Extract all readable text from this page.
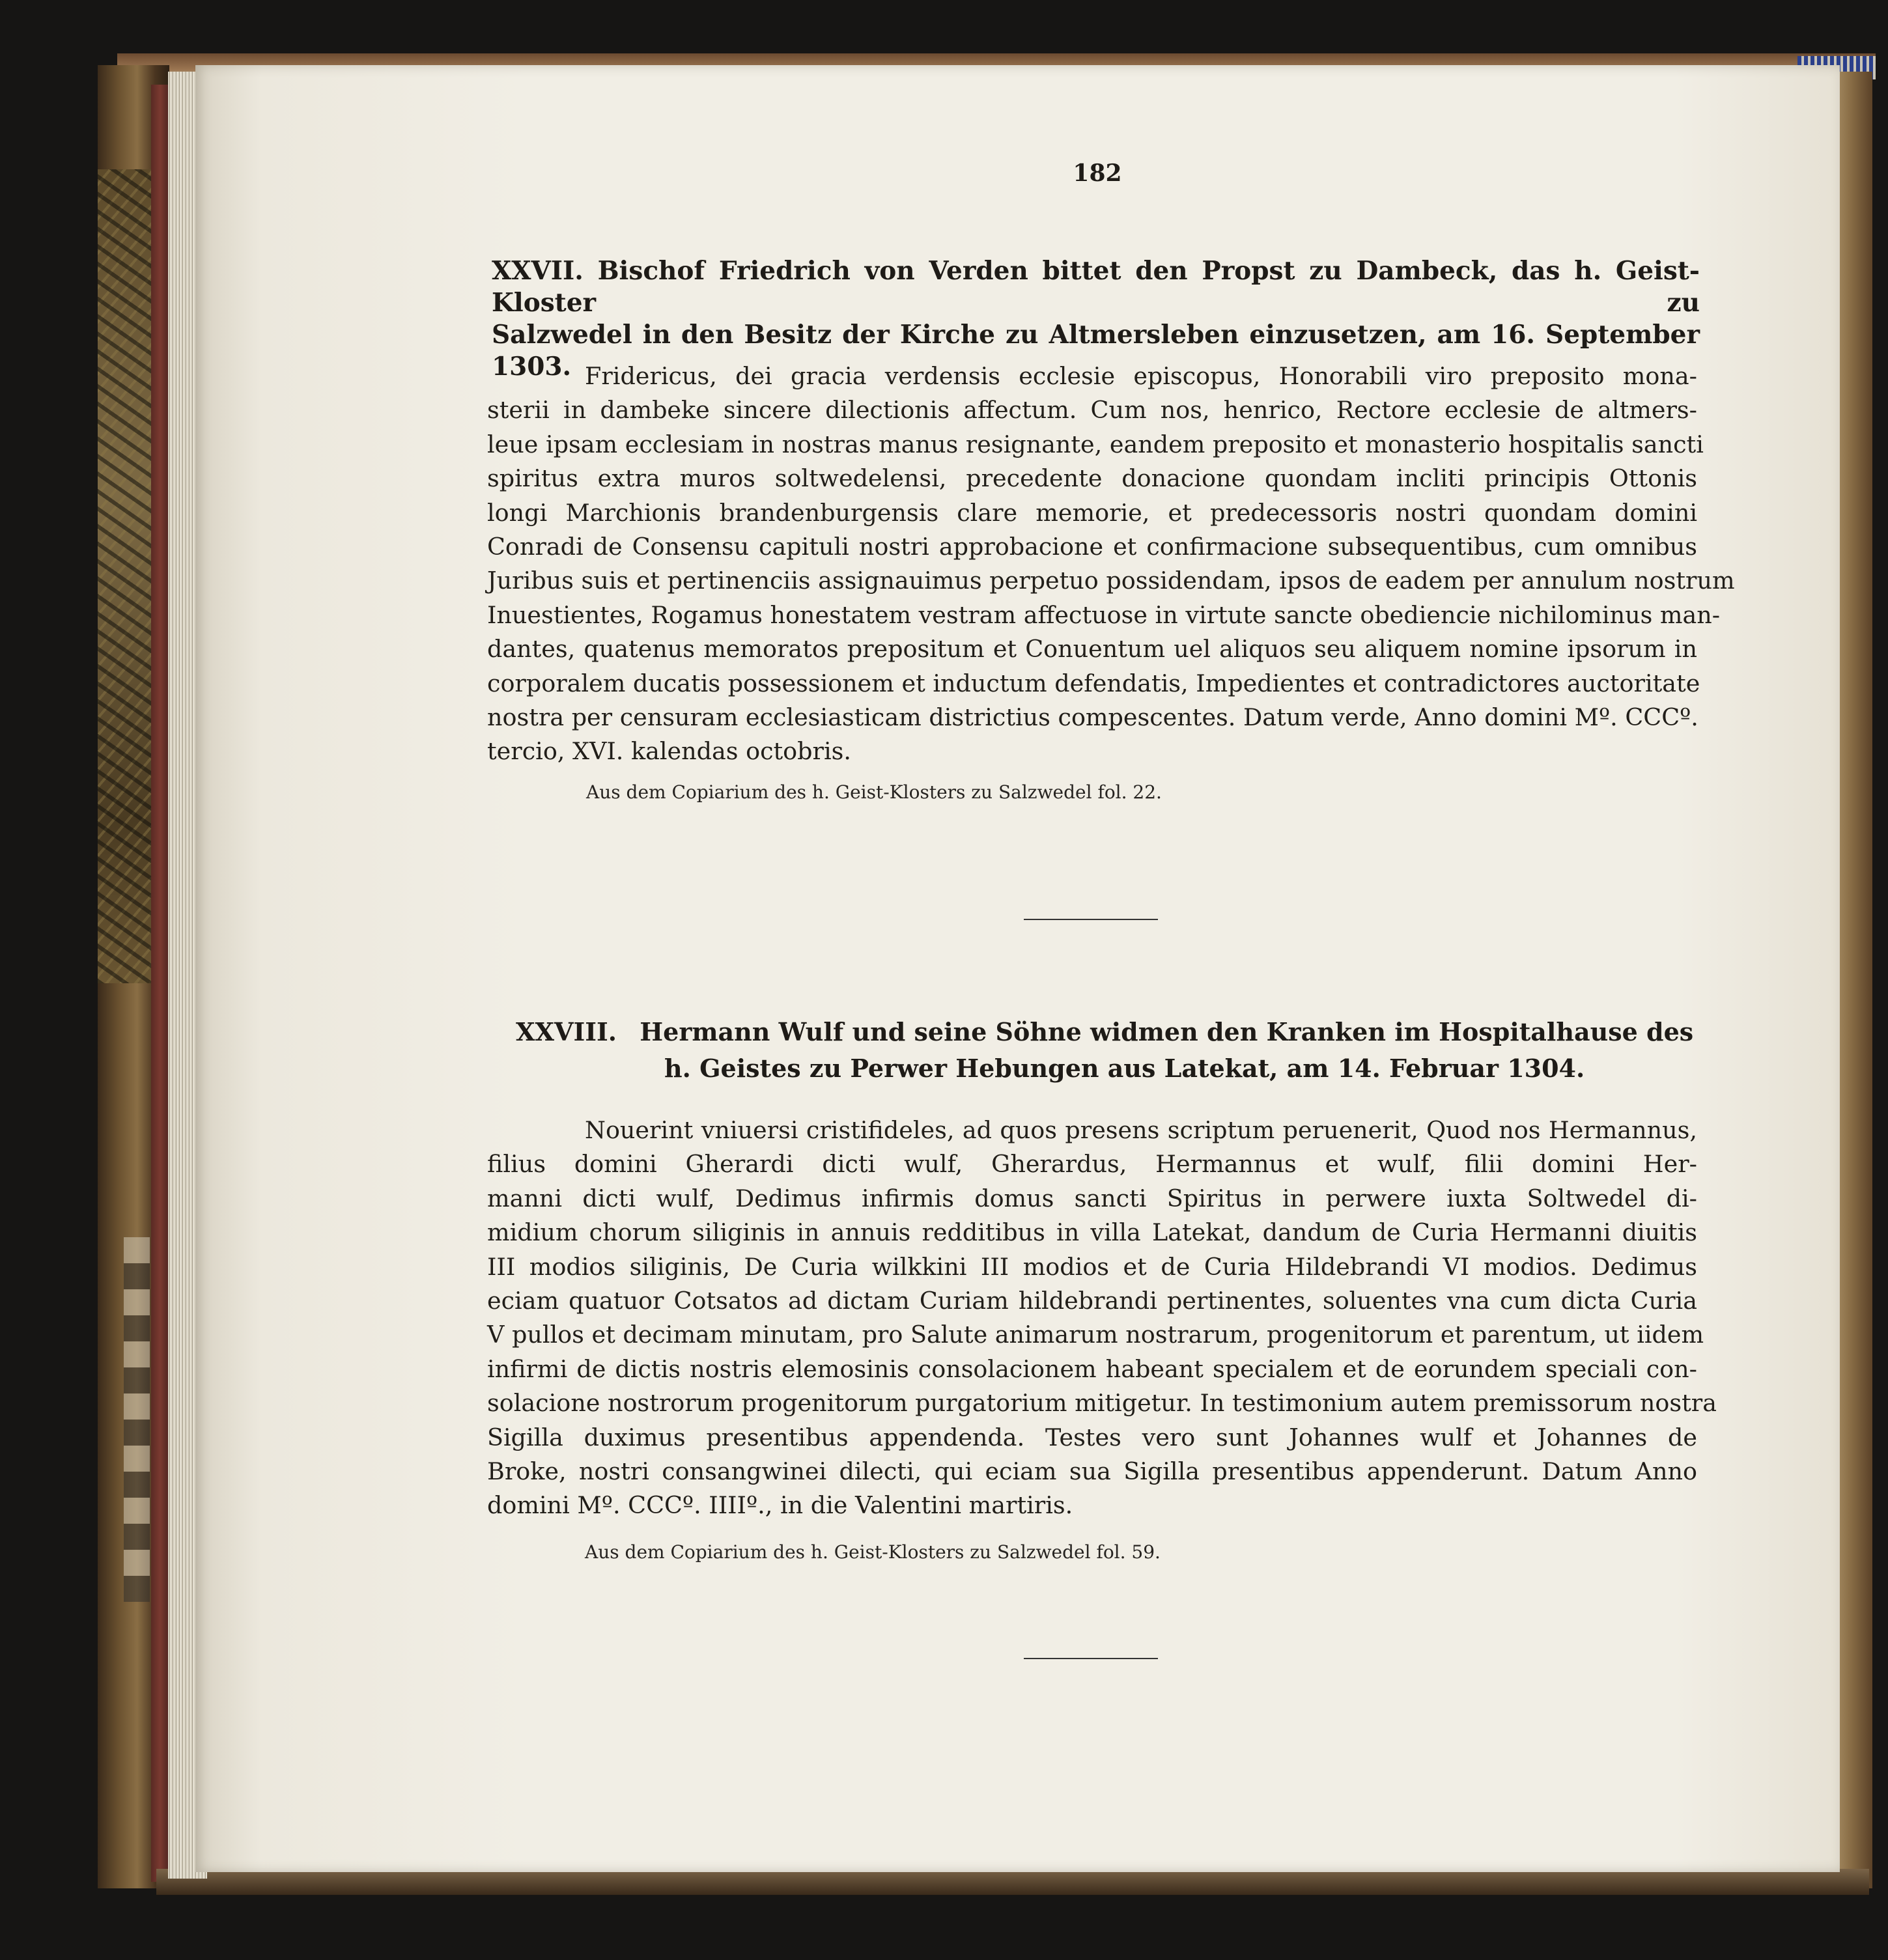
182
XXVII. Bischof Friedrich von Verden bittet den Propst zu Dambeck, das h. Geist-Kloster zu
Salzwedel in den Besitz der Kirche zu Altmersleben einzusetzen, am 16. September 1303. Fridericus, dei gracia verdensis ecclesie episcopus, Honorabili viro preposito mona-
sterii in dambeke sincere dilectionis affectum. Cum nos, henrico, Rectore ecclesie de altmers-
leue ipsam ecclesiam in nostras manus resignante, eandem preposito et monasterio hospitalis sancti
spiritus extra muros soltwedelensi, precedente donacione quondam incliti principis Ottonis
longi Marchionis brandenburgensis clare memorie, et predecessoris nostri quondam domini
Conradi de Consensu capituli nostri approbacione et confirmacione subsequentibus, cum omnibus
Juribus suis et pertinenciis assignauimus perpetuo possidendam, ipsos de eadem per annulum nostrum
Inuestientes, Rogamus honestatem vestram affectuose in virtute sancte obediencie nichilominus man-
dantes, quatenus memoratos prepositum et Conuentum uel aliquos seu aliquem nomine ipsorum in
corporalem ducatis possessionem et inductum defendatis, Impedientes et contradictores auctoritate
nostra per censuram ecclesiasticam districtius compescentes. Datum verde, Anno domini Mº. CCCº.
tercio, XVI. kalendas octobris.
Aus dem Copiarium des h. Geist-Klosters zu Salzwedel fol. 22.
XXVIII. Hermann Wulf und seine Söhne widmen den Kranken im Hospitalhause des
h. Geistes zu Perwer Hebungen aus Latekat, am 14. Februar 1304.
Nouerint vniuersi cristifideles, ad quos presens scriptum peruenerit, Quod nos Hermannus,
filius domini Gherardi dicti wulf, Gherardus, Hermannus et wulf, filii domini Her-
manni dicti wulf, Dedimus infirmis domus sancti Spiritus in perwere iuxta Soltwedel di-
midium chorum siliginis in annuis redditibus in villa Latekat, dandum de Curia Hermanni diuitis
III modios siliginis, De Curia wilkkini III modios et de Curia Hildebrandi VI modios. Dedimus
eciam quatuor Cotsatos ad dictam Curiam hildebrandi pertinentes, soluentes vna cum dicta Curia
V pullos et decimam minutam, pro Salute animarum nostrarum, progenitorum et parentum, ut iidem
infirmi de dictis nostris elemosinis consolacionem habeant specialem et de eorundem speciali con-
solacione nostrorum progenitorum purgatorium mitigetur. In testimonium autem premissorum nostra
Sigilla duximus presentibus appendenda. Testes vero sunt Johannes wulf et Johannes de
Broke, nostri consangwinei dilecti, qui eciam sua Sigilla presentibus appenderunt. Datum Anno
domini Mº. CCCº. IIIIº., in die Valentini martiris.
Aus dem Copiarium des h. Geist-Klosters zu Salzwedel fol. 59.
